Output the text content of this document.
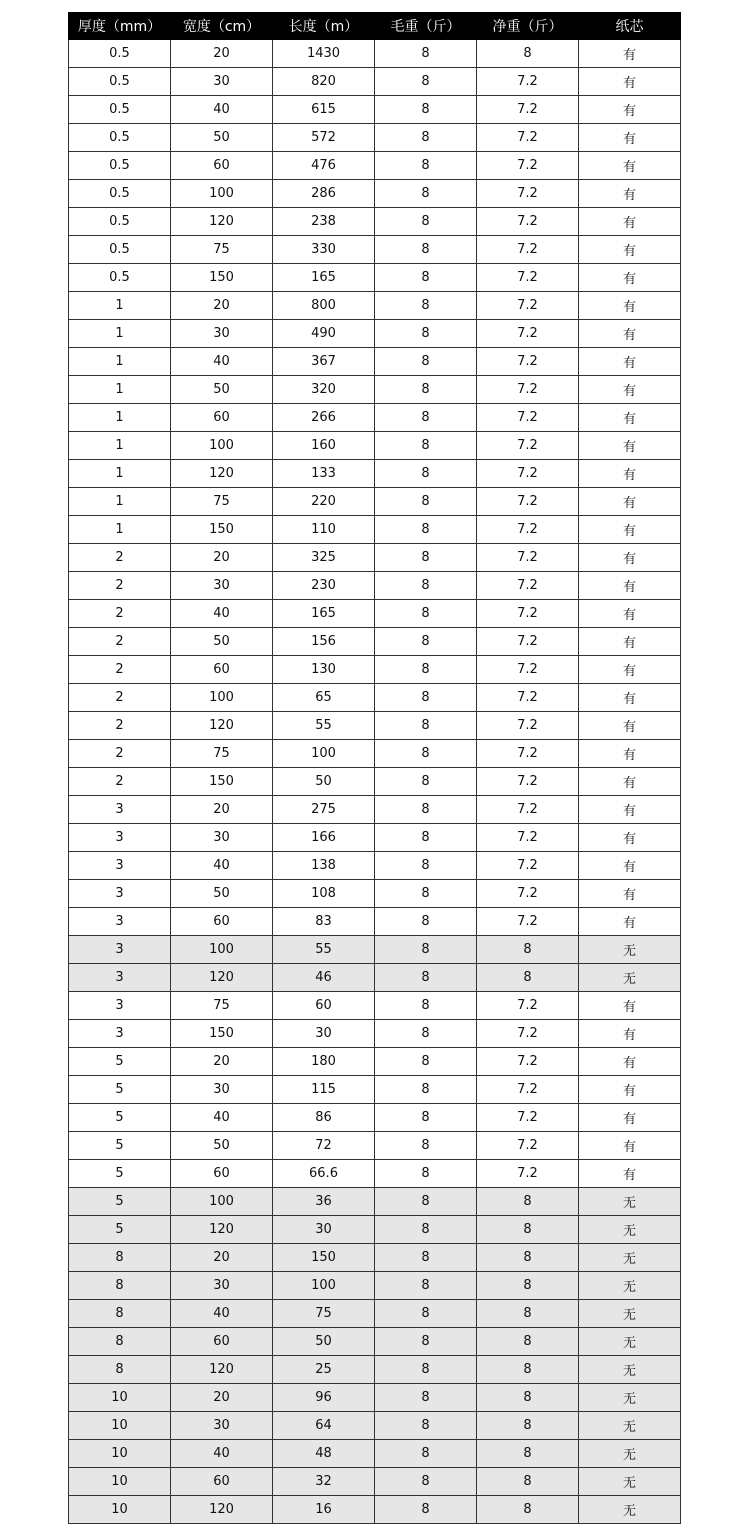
厚度（mm）	宽度（cm）	长度（m）	毛重（斤）	净重（斤）	纸芯
0.5	20	1430	8	8	有
0.5	30	820	8	7.2	有
0.5	40	615	8	7.2	有
0.5	50	572	8	7.2	有
0.5	60	476	8	7.2	有
0.5	100	286	8	7.2	有
0.5	120	238	8	7.2	有
0.5	75	330	8	7.2	有
0.5	150	165	8	7.2	有
1	20	800	8	7.2	有
1	30	490	8	7.2	有
1	40	367	8	7.2	有
1	50	320	8	7.2	有
1	60	266	8	7.2	有
1	100	160	8	7.2	有
1	120	133	8	7.2	有
1	75	220	8	7.2	有
1	150	110	8	7.2	有
2	20	325	8	7.2	有
2	30	230	8	7.2	有
2	40	165	8	7.2	有
2	50	156	8	7.2	有
2	60	130	8	7.2	有
2	100	65	8	7.2	有
2	120	55	8	7.2	有
2	75	100	8	7.2	有
2	150	50	8	7.2	有
3	20	275	8	7.2	有
3	30	166	8	7.2	有
3	40	138	8	7.2	有
3	50	108	8	7.2	有
3	60	83	8	7.2	有
3	100	55	8	8	无
3	120	46	8	8	无
3	75	60	8	7.2	有
3	150	30	8	7.2	有
5	20	180	8	7.2	有
5	30	115	8	7.2	有
5	40	86	8	7.2	有
5	50	72	8	7.2	有
5	60	66.6	8	7.2	有
5	100	36	8	8	无
5	120	30	8	8	无
8	20	150	8	8	无
8	30	100	8	8	无
8	40	75	8	8	无
8	60	50	8	8	无
8	120	25	8	8	无
10	20	96	8	8	无
10	30	64	8	8	无
10	40	48	8	8	无
10	60	32	8	8	无
10	120	16	8	8	无
